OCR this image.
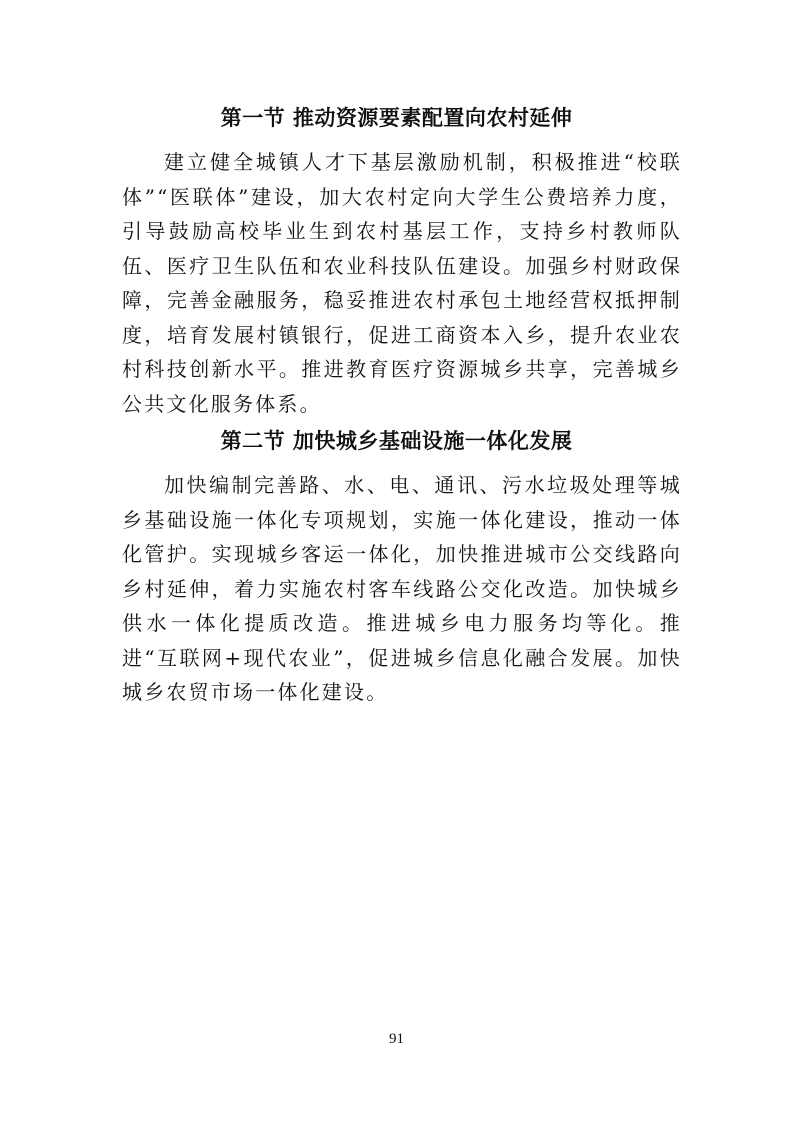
第一节 推动资源要素配置向农村延伸

建立健全城镇人才下基层激励机制，积极推进“校联体”“医联体”建设，加大农村定向大学生公费培养力度，引导鼓励高校毕业生到农村基层工作，支持乡村教师队伍、医疗卫生队伍和农业科技队伍建设。加强乡村财政保障，完善金融服务，稳妥推进农村承包土地经营权抵押制度，培育发展村镇银行，促进工商资本入乡，提升农业农村科技创新水平。推进教育医疗资源城乡共享，完善城乡公共文化服务体系。

第二节 加快城乡基础设施一体化发展

加快编制完善路、水、电、通讯、污水垃圾处理等城乡基础设施一体化专项规划，实施一体化建设，推动一体化管护。实现城乡客运一体化，加快推进城市公交线路向乡村延伸，着力实施农村客车线路公交化改造。加快城乡供水一体化提质改造。推进城乡电力服务均等化。推进“互联网+现代农业”，促进城乡信息化融合发展。加快城乡农贸市场一体化建设。

91
